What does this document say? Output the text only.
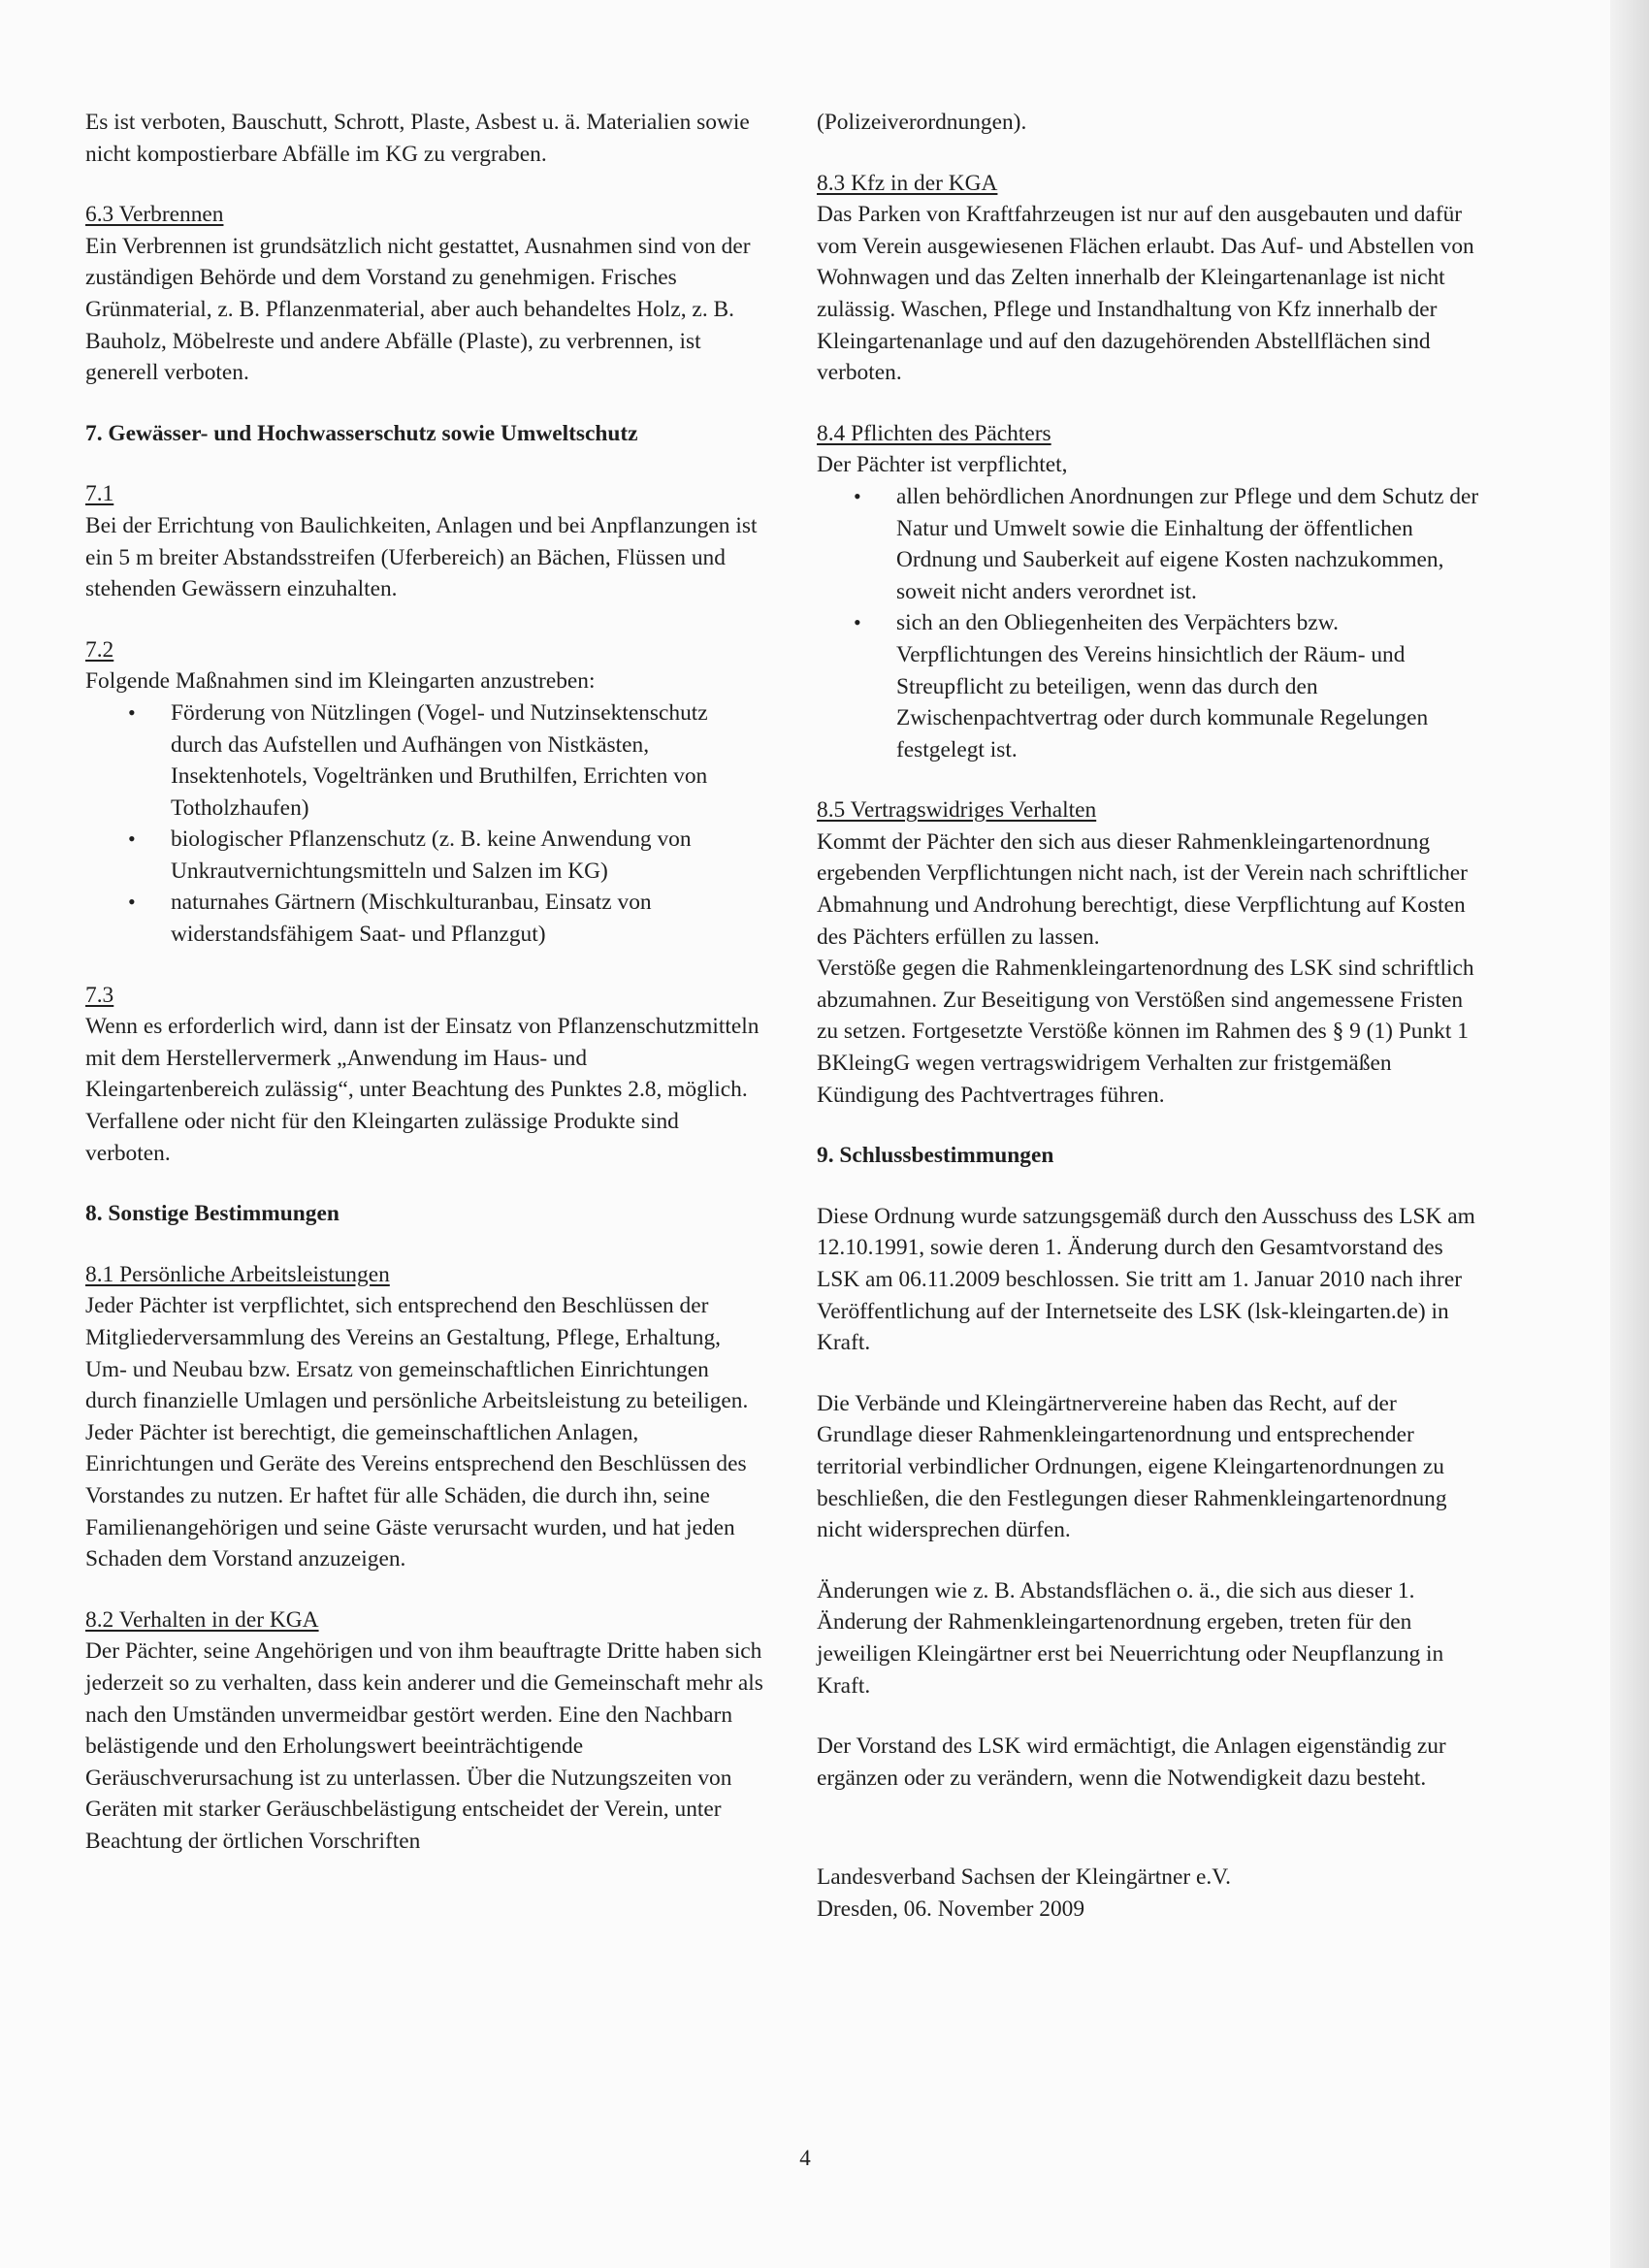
Es ist verboten, Bauschutt, Schrott, Plaste, Asbest u. ä. Materialien sowie nicht kompostierbare Abfälle im KG zu vergraben.

6.3 Verbrennen

Ein Verbrennen ist grundsätzlich nicht gestattet, Ausnahmen sind von der zuständigen Behörde und dem Vorstand zu genehmigen. Frisches Grünmaterial, z. B. Pflanzenmaterial, aber auch behandeltes Holz, z. B. Bauholz, Möbelreste und andere Abfälle (Plaste), zu verbrennen, ist generell verboten.

7. Gewässer- und Hochwasserschutz sowie Umweltschutz
7.1

Bei der Errichtung von Baulichkeiten, Anlagen und bei Anpflanzungen ist ein 5 m breiter Abstandsstreifen (Uferbereich) an Bächen, Flüssen und stehenden Gewässern einzuhalten.

7.2

Folgende Maßnahmen sind im Kleingarten anzustreben:

• Förderung von Nützlingen (Vogel- und Nutzinsektenschutz durch das Aufstellen und Aufhängen von Nistkästen, Insektenhotels, Vogeltränken und Bruthilfen, Errichten von Totholzhaufen)
• biologischer Pflanzenschutz (z. B. keine Anwendung von Unkrautvernichtungsmitteln und Salzen im KG)
• naturnahes Gärtnern (Mischkulturanbau, Einsatz von widerstandsfähigem Saat- und Pflanzgut)
7.3

Wenn es erforderlich wird, dann ist der Einsatz von Pflanzenschutzmitteln mit dem Herstellervermerk „Anwendung im Haus- und Kleingartenbereich zulässig“, unter Beachtung des Punktes 2.8, möglich. Verfallene oder nicht für den Kleingarten zulässige Produkte sind verboten.

8. Sonstige Bestimmungen
8.1 Persönliche Arbeitsleistungen

Jeder Pächter ist verpflichtet, sich entsprechend den Beschlüssen der Mitgliederversammlung des Vereins an Gestaltung, Pflege, Erhaltung, Um- und Neubau bzw. Ersatz von gemeinschaftlichen Einrichtungen durch finanzielle Umlagen und persönliche Arbeitsleistung zu beteiligen. Jeder Pächter ist berechtigt, die gemeinschaftlichen Anlagen, Einrichtungen und Geräte des Vereins entsprechend den Beschlüssen des Vorstandes zu nutzen. Er haftet für alle Schäden, die durch ihn, seine Familienangehörigen und seine Gäste verursacht wurden, und hat jeden Schaden dem Vorstand anzuzeigen.

8.2 Verhalten in der KGA

Der Pächter, seine Angehörigen und von ihm beauftragte Dritte haben sich jederzeit so zu verhalten, dass kein anderer und die Gemeinschaft mehr als nach den Umständen unvermeidbar gestört werden. Eine den Nachbarn belästigende und den Erholungswert beeinträchtigende Geräuschverursachung ist zu unterlassen. Über die Nutzungszeiten von Geräten mit starker Geräuschbelästigung entscheidet der Verein, unter Beachtung der örtlichen Vorschriften

(Polizeiverordnungen).

8.3 Kfz in der KGA

Das Parken von Kraftfahrzeugen ist nur auf den ausgebauten und dafür vom Verein ausgewiesenen Flächen erlaubt. Das Auf- und Abstellen von Wohnwagen und das Zelten innerhalb der Kleingartenanlage ist nicht zulässig. Waschen, Pflege und Instandhaltung von Kfz innerhalb der Kleingartenanlage und auf den dazugehörenden Abstellflächen sind verboten.

8.4 Pflichten des Pächters

Der Pächter ist verpflichtet,

• allen behördlichen Anordnungen zur Pflege und dem Schutz der Natur und Umwelt sowie die Einhaltung der öffentlichen Ordnung und Sauberkeit auf eigene Kosten nachzukommen, soweit nicht anders verordnet ist.
• sich an den Obliegenheiten des Verpächters bzw. Verpflichtungen des Vereins hinsichtlich der Räum- und Streupflicht zu beteiligen, wenn das durch den Zwischenpachtvertrag oder durch kommunale Regelungen festgelegt ist.
8.5 Vertragswidriges Verhalten

Kommt der Pächter den sich aus dieser Rahmenkleingartenordnung ergebenden Verpflichtungen nicht nach, ist der Verein nach schriftlicher Abmahnung und Androhung berechtigt, diese Verpflichtung auf Kosten des Pächters erfüllen zu lassen.

Verstöße gegen die Rahmenkleingartenordnung des LSK sind schriftlich abzumahnen. Zur Beseitigung von Verstößen sind angemessene Fristen zu setzen. Fortgesetzte Verstöße können im Rahmen des § 9 (1) Punkt 1 BKleingG wegen vertragswidrigem Verhalten zur fristgemäßen Kündigung des Pachtvertrages führen.

9. Schlussbestimmungen

Diese Ordnung wurde satzungsgemäß durch den Ausschuss des LSK am 12.10.1991, sowie deren 1. Änderung durch den Gesamtvorstand des LSK am 06.11.2009 beschlossen. Sie tritt am 1. Januar 2010 nach ihrer Veröffentlichung auf der Internetseite des LSK (lsk-kleingarten.de) in Kraft.

Die Verbände und Kleingärtnervereine haben das Recht, auf der Grundlage dieser Rahmenkleingartenordnung und entsprechender territorial verbindlicher Ordnungen, eigene Kleingartenordnungen zu beschließen, die den Festlegungen dieser Rahmenkleingartenordnung nicht widersprechen dürfen.

Änderungen wie z. B. Abstandsflächen o. ä., die sich aus dieser 1. Änderung der Rahmenkleingartenordnung ergeben, treten für den jeweiligen Kleingärtner erst bei Neuerrichtung oder Neupflanzung in Kraft.

Der Vorstand des LSK wird ermächtigt, die Anlagen eigenständig zur ergänzen oder zu verändern, wenn die Notwendigkeit dazu besteht.

Landesverband Sachsen der Kleingärtner e.V.
Dresden, 06. November 2009
4
